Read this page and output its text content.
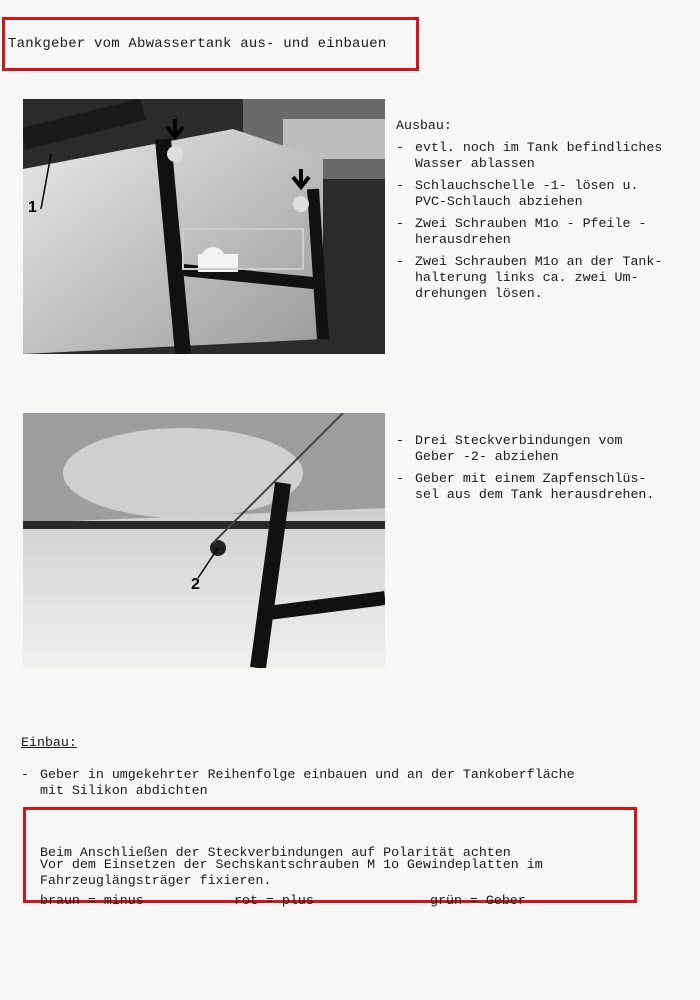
Tankgeber vom Abwassertank aus- und einbauen
1
Ausbau:
- evtl. noch im Tank befindliches
Wasser ablassen
- Schlauchschelle -1- lösen u.
PVC-Schlauch abziehen
- Zwei Schrauben M1o - Pfeile -
herausdrehen
- Zwei Schrauben M1o an der Tank-
halterung links ca. zwei Um-
drehungen lösen.
2
- Drei Steckverbindungen vom
Geber -2- abziehen
- Geber mit einem Zapfenschlüs-
sel aus dem Tank herausdrehen.
Einbau:
- Geber in umgekehrter Reihenfolge einbauen und an der Tankoberfläche
mit Silikon abdichten

Beim Anschließen der Steckverbindungen auf Polarität achten

braun = minus	rot = plus	grün = Geber

Vor dem Einsetzen der Sechskantschrauben M 1o Gewindeplatten im
Fahrzeuglängsträger fixieren.
